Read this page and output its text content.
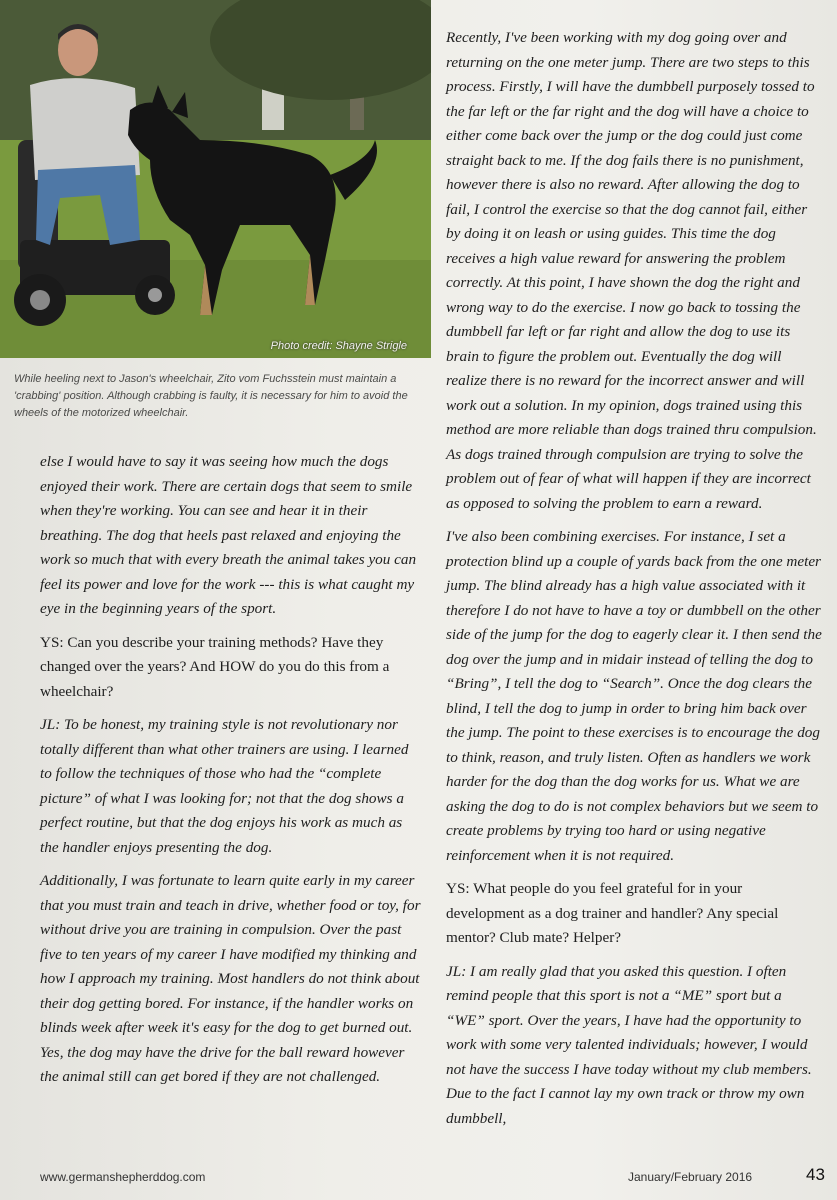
Photo credit: Shayne Strigle
While heeling next to Jason's wheelchair, Zito vom Fuchsstein must maintain a 'crabbing' position. Although crabbing is faulty, it is necessary for him to avoid the wheels of the motorized wheelchair.

else I would have to say it was seeing how much the dogs enjoyed their work. There are certain dogs that seem to smile when they're working. You can see and hear it in their breathing. The dog that heels past relaxed and enjoying the work so much that with every breath the animal takes you can feel its power and love for the work --- this is what caught my eye in the beginning years of the sport.

YS: Can you describe your training methods? Have they changed over the years? And HOW do you do this from a wheelchair?

JL: To be honest, my training style is not revolutionary nor totally different than what other trainers are using. I learned to follow the techniques of those who had the “complete picture” of what I was looking for; not that the dog shows a perfect routine, but that the dog enjoys his work as much as the handler enjoys presenting the dog.

Additionally, I was fortunate to learn quite early in my career that you must train and teach in drive, whether food or toy, for without drive you are training in compulsion. Over the past five to ten years of my career I have modified my thinking and how I approach my training. Most handlers do not think about their dog getting bored. For instance, if the handler works on blinds week after week it's easy for the dog to get burned out. Yes, the dog may have the drive for the ball reward however the animal still can get bored if they are not challenged.

Recently, I've been working with my dog going over and returning on the one meter jump. There are two steps to this process. Firstly, I will have the dumbbell purposely tossed to the far left or the far right and the dog will have a choice to either come back over the jump or the dog could just come straight back to me. If the dog fails there is no punishment, however there is also no reward. After allowing the dog to fail, I control the exercise so that the dog cannot fail, either by doing it on leash or using guides. This time the dog receives a high value reward for answering the problem correctly. At this point, I have shown the dog the right and wrong way to do the exercise. I now go back to tossing the dumbbell far left or far right and allow the dog to use its brain to figure the problem out. Eventually the dog will realize there is no reward for the incorrect answer and will work out a solution. In my opinion, dogs trained using this method are more reliable than dogs trained thru compulsion. As dogs trained through compulsion are trying to solve the problem out of fear of what will happen if they are incorrect as opposed to solving the problem to earn a reward.

I've also been combining exercises. For instance, I set a protection blind up a couple of yards back from the one meter jump. The blind already has a high value associated with it therefore I do not have to have a toy or dumbbell on the other side of the jump for the dog to eagerly clear it. I then send the dog over the jump and in midair instead of telling the dog to “Bring”, I tell the dog to “Search”. Once the dog clears the blind, I tell the dog to jump in order to bring him back over the jump. The point to these exercises is to encourage the dog to think, reason, and truly listen. Often as handlers we work harder for the dog than the dog works for us. What we are asking the dog to do is not complex behaviors but we seem to create problems by trying too hard or using negative reinforcement when it is not required.

YS: What people do you feel grateful for in your development as a dog trainer and handler? Any special mentor? Club mate? Helper?

JL: I am really glad that you asked this question. I often remind people that this sport is not a “ME” sport but a “WE” sport. Over the years, I have had the opportunity to work with some very talented individuals; however, I would not have the success I have today without my club members. Due to the fact I cannot lay my own track or throw my own dumbbell,

www.germanshepherddog.com	January/February 2016	43
